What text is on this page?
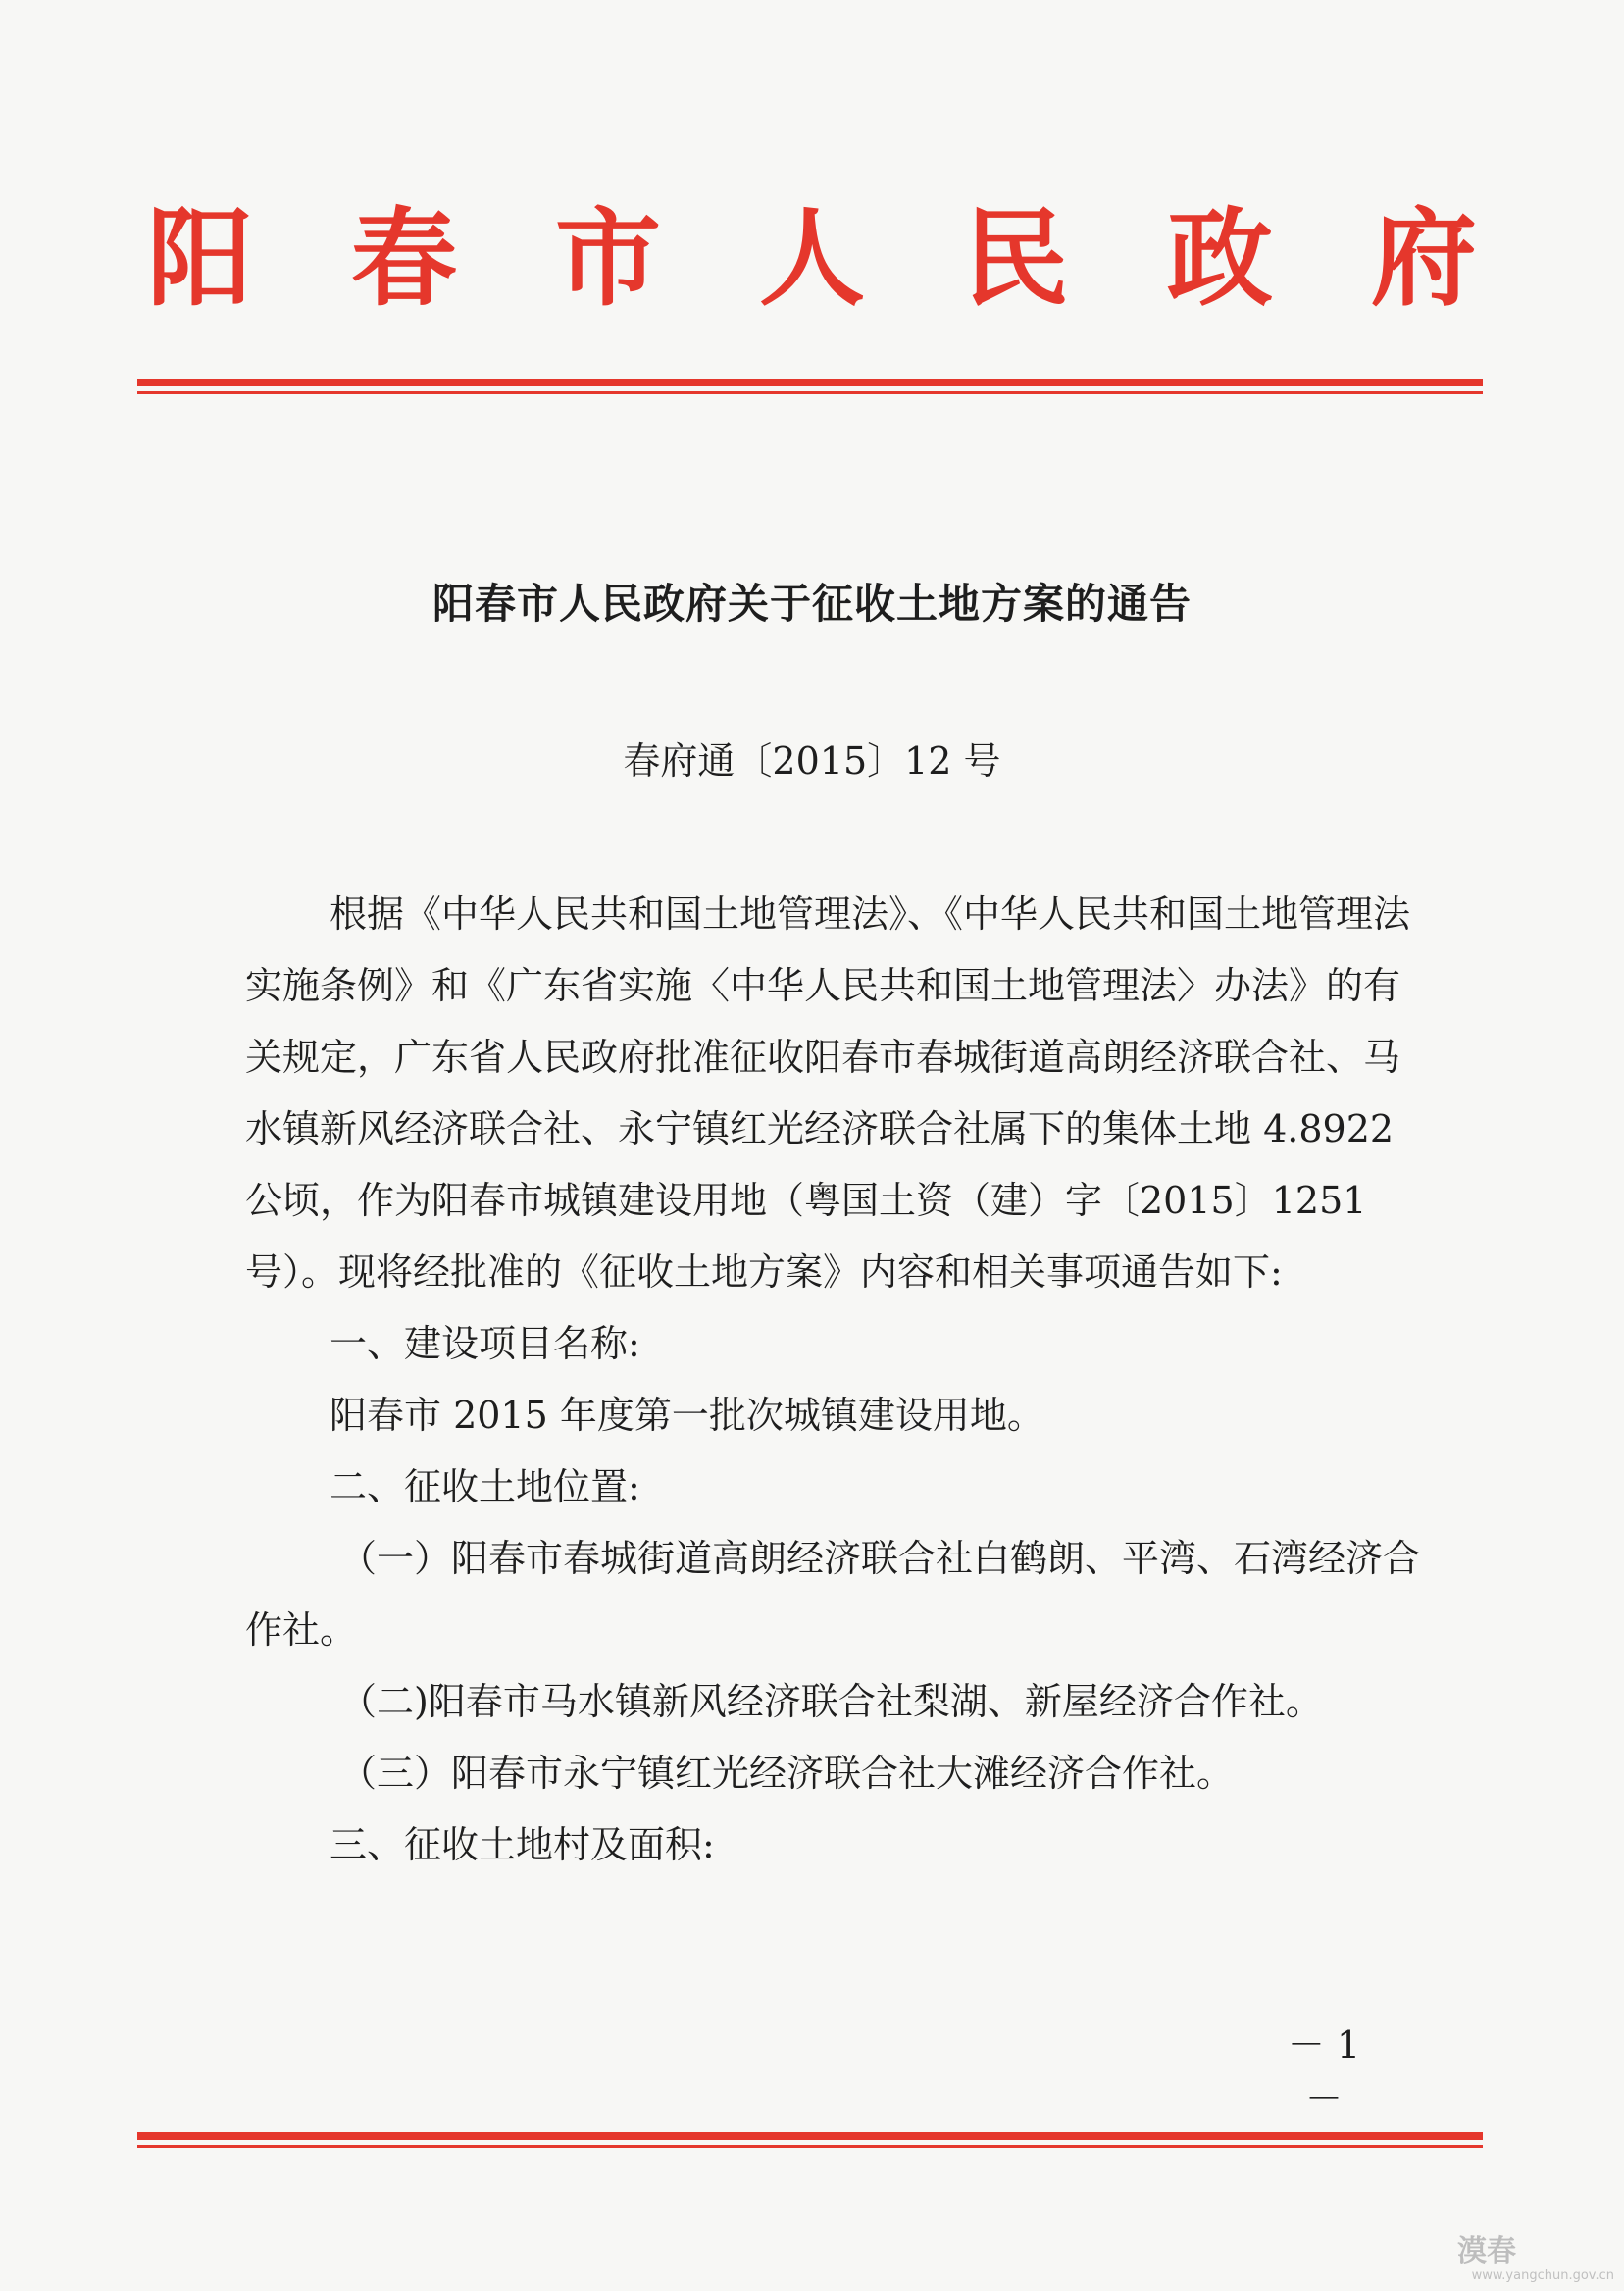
阳 春 市 人 民 政 府
阳春市人民政府关于征收土地方案的通告
春府通〔2015〕12 号

根据《中华人民共和国土地管理法》、《中华人民共和国土地管理法实施条例》和《广东省实施〈中华人民共和国土地管理法〉办法》的有关规定，广东省人民政府批准征收阳春市春城街道高朗经济联合社、马水镇新风经济联合社、永宁镇红光经济联合社属下的集体土地 4.8922 公顷，作为阳春市城镇建设用地（粤国土资（建）字〔2015〕1251 号）。现将经批准的《征收土地方案》内容和相关事项通告如下:

一、建设项目名称:

阳春市 2015 年度第一批次城镇建设用地。

二、征收土地位置:

（一）阳春市春城街道高朗经济联合社白鹤朗、平湾、石湾经济合作社。

（二)阳春市马水镇新风经济联合社梨湖、新屋经济合作社。

（三）阳春市永宁镇红光经济联合社大滩经济合作社。

三、征收土地村及面积:

－ 1 －
漠春
www.yangchun.gov.cn
